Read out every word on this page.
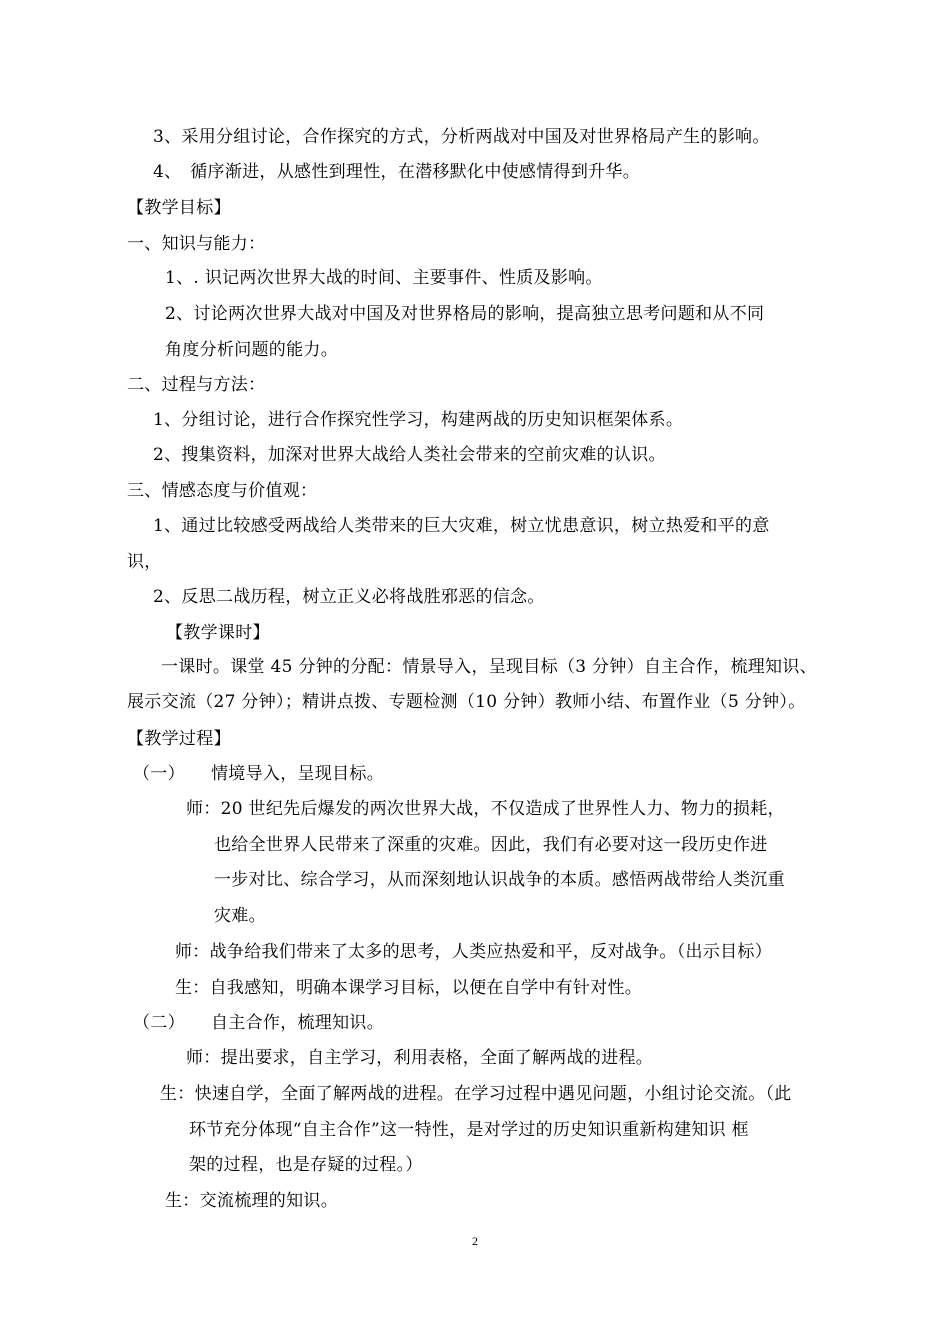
3、采用分组讨论，合作探究的方式，分析两战对中国及对世界格局产生的影响。
4、　循序渐进，从感性到理性，在潜移默化中使感情得到升华。
【教学目标】
一、知识与能力：
1、. 识记两次世界大战的时间、主要事件、性质及影响。
2、讨论两次世界大战对中国及对世界格局的影响，提高独立思考问题和从不同
角度分析问题的能力。
二、过程与方法：
1、分组讨论，进行合作探究性学习，构建两战的历史知识框架体系。
2、搜集资料，加深对世界大战给人类社会带来的空前灾难的认识。
三、情感态度与价值观：
1、通过比较感受两战给人类带来的巨大灾难，树立忧患意识，树立热爱和平的意
识，
2、反思二战历程，树立正义必将战胜邪恶的信念。
【教学课时】
一课时。课堂 45 分钟的分配：情景导入，呈现目标（3 分钟）自主合作，梳理知识、
展示交流（27 分钟）；精讲点拨、专题检测（10 分钟）教师小结、布置作业（5 分钟）。
【教学过程】
（一）　　情境导入，呈现目标。
师：20 世纪先后爆发的两次世界大战，不仅造成了世界性人力、物力的损耗，
也给全世界人民带来了深重的灾难。因此，我们有必要对这一段历史作进
一步对比、综合学习，从而深刻地认识战争的本质。感悟两战带给人类沉重
灾难。
师：战争给我们带来了太多的思考，人类应热爱和平，反对战争。（出示目标）
生：自我感知，明确本课学习目标，以便在自学中有针对性。
（二）　　自主合作，梳理知识。
师：提出要求，自主学习，利用表格，全面了解两战的进程。
生：快速自学，全面了解两战的进程。在学习过程中遇见问题，小组讨论交流。（此
环节充分体现“自主合作”这一特性，是对学过的历史知识重新构建知识 框
架的过程，也是存疑的过程。）
生：交流梳理的知识。
2
